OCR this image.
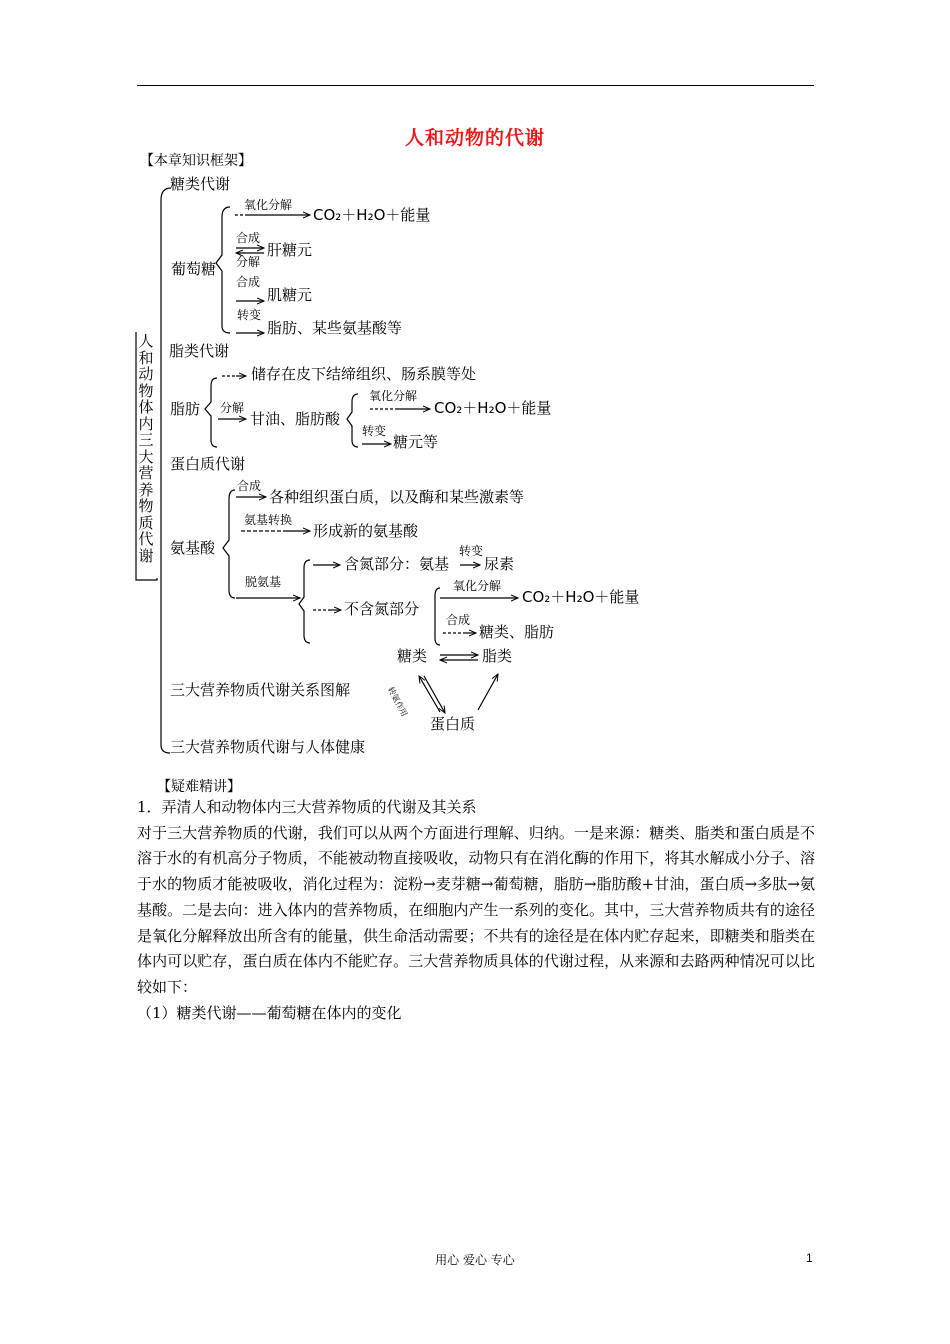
人和动物的代谢
【本章知识框架】
人和动物体内三大营养物质代谢
糖类代谢
葡萄糖
氧化分解
CO₂＋H₂O＋能量
合成
分解
肝糖元
合成
肌糖元
转变
脂肪、某些氨基酸等
脂类代谢
脂肪
储存在皮下结缔组织、肠系膜等处
分解
甘油、脂肪酸
氧化分解
CO₂＋H₂O＋能量
转变
糖元等
蛋白质代谢
氨基酸
合成
各种组织蛋白质，以及酶和某些激素等
氨基转换
形成新的氨基酸
脱氨基
含氮部分：氨基
转变
尿素
不含氮部分
氧化分解
CO₂＋H₂O＋能量
合成
糖类、脂肪
三大营养物质代谢关系图解
糖类	脂类
蛋白质
转氨作用
三大营养物质代谢与人体健康
【疑难精讲】

1．弄清人和动物体内三大营养物质的代谢及其关系

对于三大营养物质的代谢，我们可以从两个方面进行理解、归纳。一是来源：糖类、脂类和蛋白质是不溶于水的有机高分子物质，不能被动物直接吸收，动物只有在消化酶的作用下，将其水解成小分子、溶于水的物质才能被吸收，消化过程为：淀粉→麦芽糖→葡萄糖，脂肪→脂肪酸+甘油，蛋白质→多肽→氨基酸。二是去向：进入体内的营养物质，在细胞内产生一系列的变化。其中，三大营养物质共有的途径是氧化分解释放出所含有的能量，供生命活动需要；不共有的途径是在体内贮存起来，即糖类和脂类在体内可以贮存，蛋白质在体内不能贮存。三大营养物质具体的代谢过程，从来源和去路两种情况可以比较如下：

（1）糖类代谢——葡萄糖在体内的变化

用心 爱心 专心	1
